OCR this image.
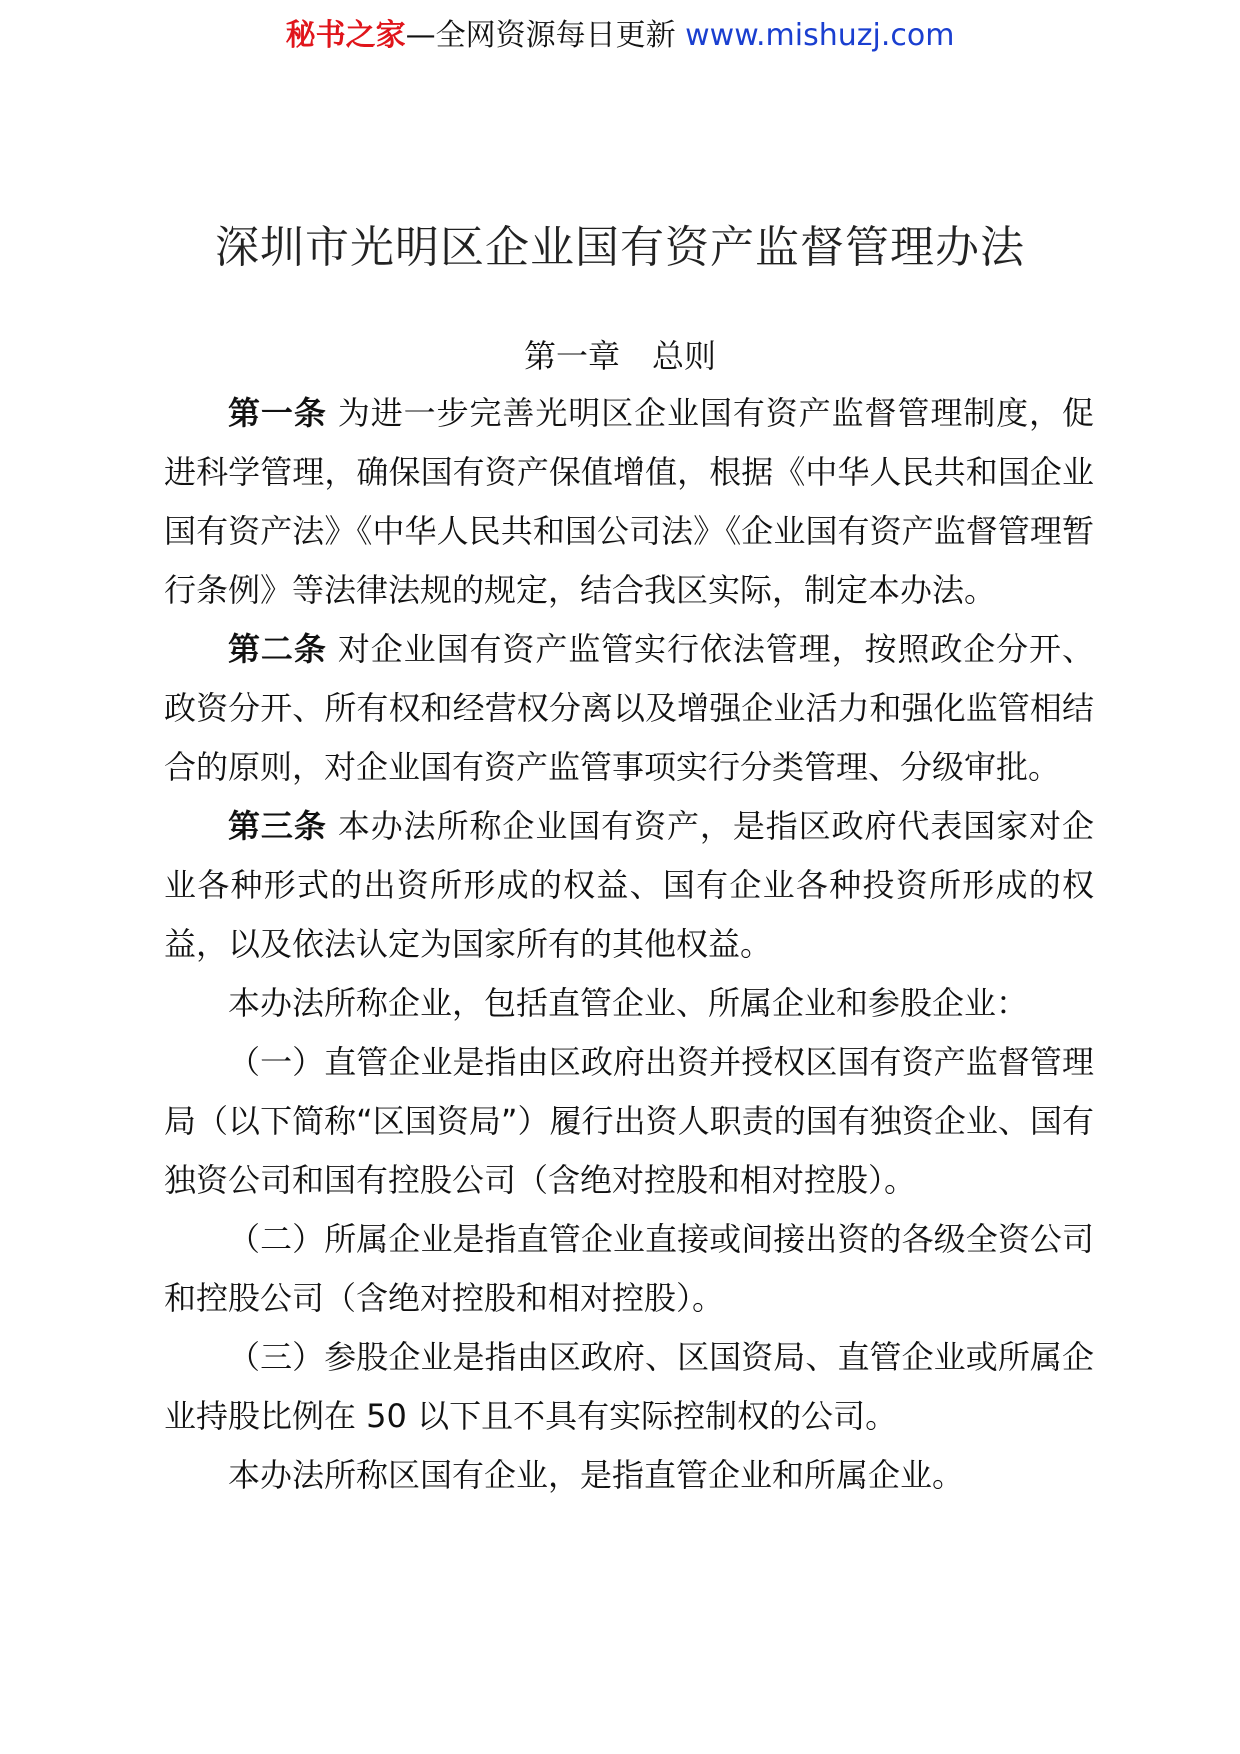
秘书之家—全网资源每日更新 www.mishuzj.com
深圳市光明区企业国有资产监督管理办法
第一章　总则

第一条 为进一步完善光明区企业国有资产监督管理制度，促进科学管理，确保国有资产保值增值，根据《中华人民共和国企业国有资产法》《中华人民共和国公司法》《企业国有资产监督管理暂行条例》等法律法规的规定，结合我区实际，制定本办法。

第二条 对企业国有资产监管实行依法管理，按照政企分开、政资分开、所有权和经营权分离以及增强企业活力和强化监管相结合的原则，对企业国有资产监管事项实行分类管理、分级审批。

第三条 本办法所称企业国有资产，是指区政府代表国家对企业各种形式的出资所形成的权益、国有企业各种投资所形成的权益，以及依法认定为国家所有的其他权益。

本办法所称企业，包括直管企业、所属企业和参股企业：

（一）直管企业是指由区政府出资并授权区国有资产监督管理局（以下简称“区国资局”）履行出资人职责的国有独资企业、国有独资公司和国有控股公司（含绝对控股和相对控股）。

（二）所属企业是指直管企业直接或间接出资的各级全资公司和控股公司（含绝对控股和相对控股）。

（三）参股企业是指由区政府、区国资局、直管企业或所属企业持股比例在 50 以下且不具有实际控制权的公司。

本办法所称区国有企业，是指直管企业和所属企业。
